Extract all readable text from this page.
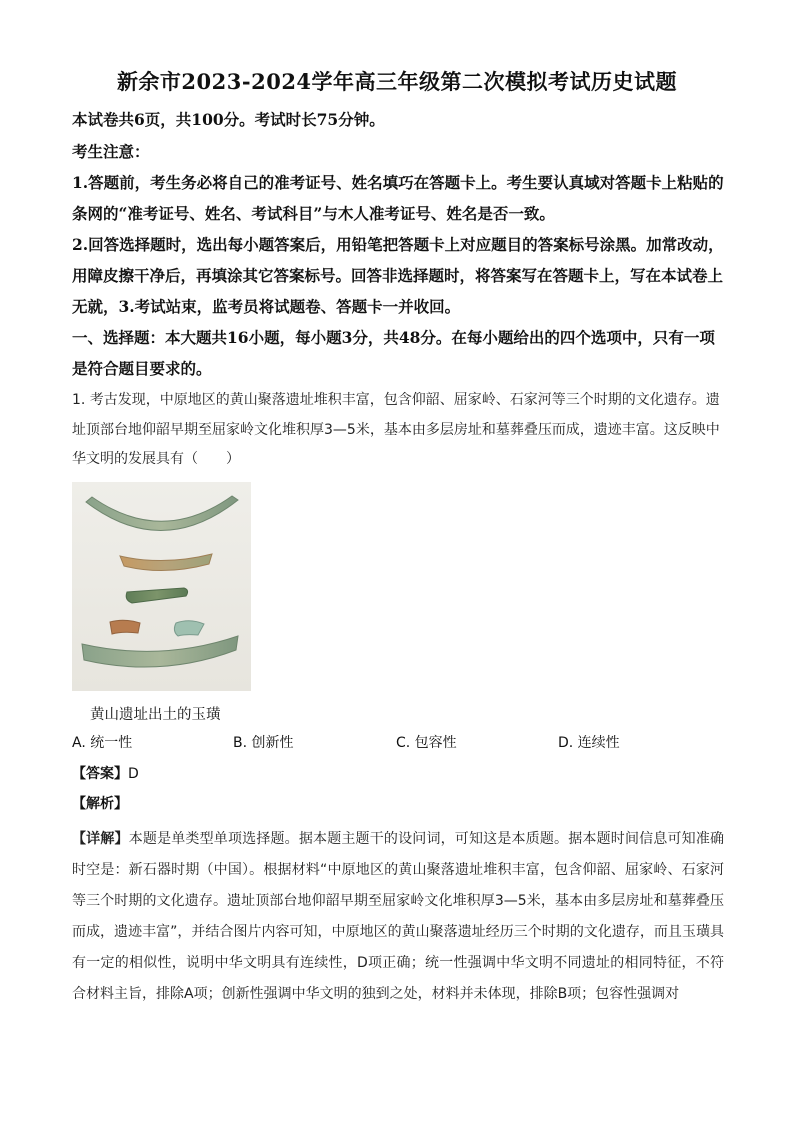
新余市2023-2024学年高三年级第二次模拟考试历史试题
本试卷共6页，共100分。考试时长75分钟。
考生注意：
1.答题前，考生务必将自己的准考证号、姓名填巧在答题卡上。考生要认真域对答题卡上粘贴的条网的“准考证号、姓名、考试科目”与木人准考证号、姓名是否一致。
2.回答选择题时，选出每小题答案后，用铅笔把答题卡上对应题目的答案标号涂黑。加常改动，用障皮擦干净后，再填涂其它答案标号。回答非选择题时，将答案写在答题卡上，写在本试卷上无就，3.考试站束，监考员将试题卷、答题卡一并收回。
一、选择题：本大题共16小题，每小题3分，共48分。在每小题给出的四个选项中，只有一项是符合题目要求的。
1. 考古发现，中原地区的黄山聚落遗址堆积丰富，包含仰韶、屈家岭、石家河等三个时期的文化遗存。遗址顶部台地仰韶早期至屈家岭文化堆积厚3—5米，基本由多层房址和墓葬叠压而成，遗迹丰富。这反映中华文明的发展具有（　　）
黄山遗址出土的玉璜
A. 统一性	B. 创新性	C. 包容性	D. 连续性
【答案】D
【解析】
【详解】本题是单类型单项选择题。据本题主题干的设问词，可知这是本质题。据本题时间信息可知准确时空是：新石器时期（中国）。根据材料“中原地区的黄山聚落遗址堆积丰富，包含仰韶、屈家岭、石家河等三个时期的文化遗存。遗址顶部台地仰韶早期至屈家岭文化堆积厚3—5米，基本由多层房址和墓葬叠压而成，遗迹丰富”，并结合图片内容可知，中原地区的黄山聚落遗址经历三个时期的文化遗存，而且玉璜具有一定的相似性，说明中华文明具有连续性，D项正确；统一性强调中华文明不同遗址的相同特征，不符合材料主旨，排除A项；创新性强调中华文明的独到之处，材料并未体现，排除B项；包容性强调对
